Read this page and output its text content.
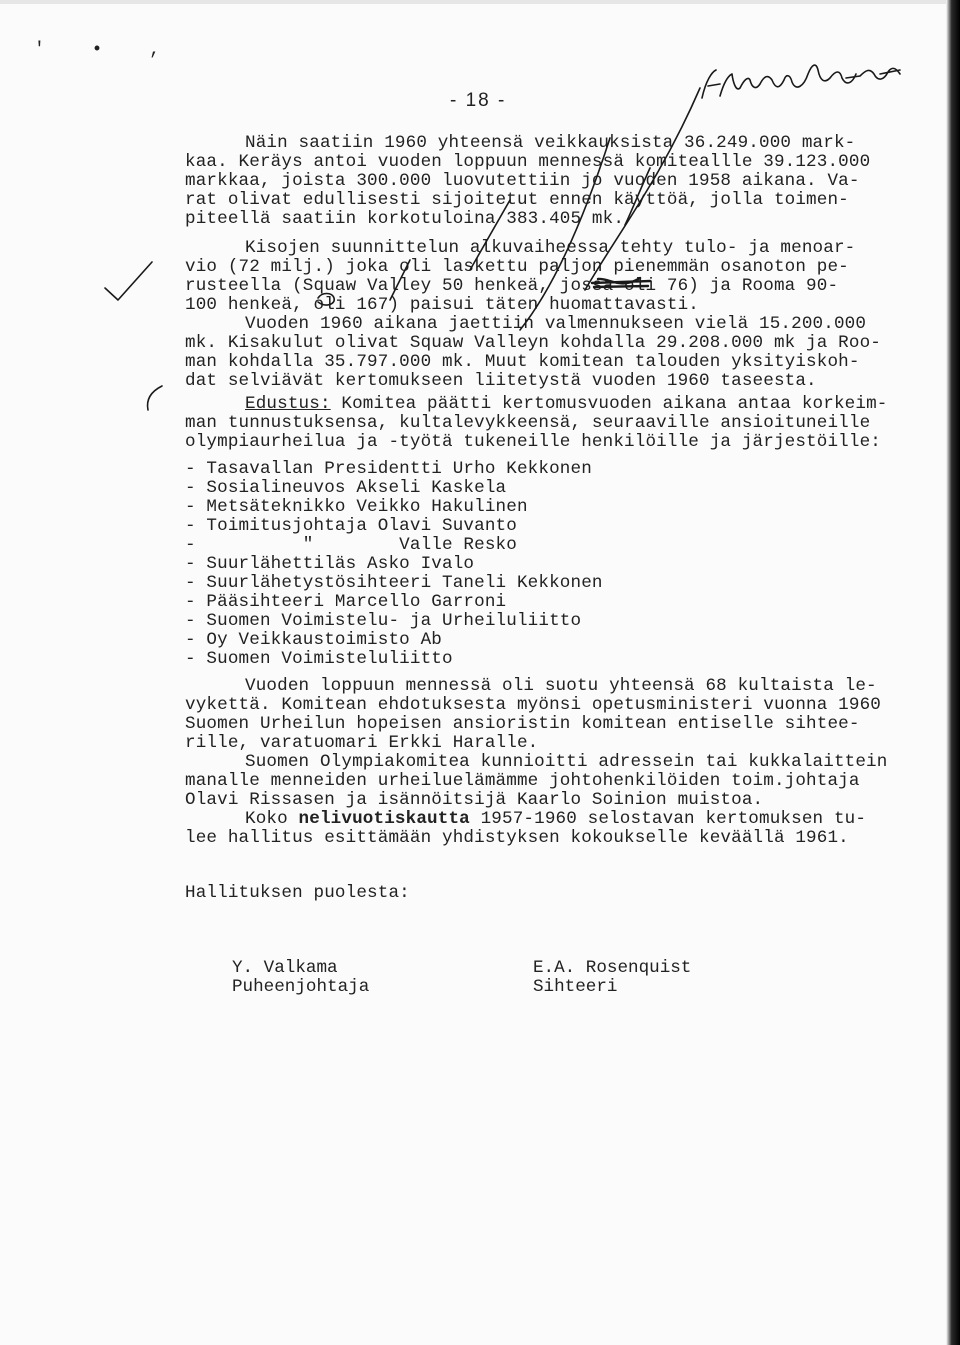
' • ,
- 18 -
Näin saatiin 1960 yhteensä veikkauksista 36.249.000 mark-
kaa. Keräys antoi vuoden loppuun mennessä komiteallle 39.123.000
markkaa, joista 300.000 luovutettiin jo vuoden 1958 aikana. Va-
rat olivat edullisesti sijoitetut ennen käyttöä, jolla toimen-
piteellä saatiin korkotuloina 383.405 mk.
Kisojen suunnittelun alkuvaiheessa tehty tulo- ja menoar-
vio (72 milj.) joka oli laskettu paljon pienemmän osanoton pe-
rusteella (Squaw Valley 50 henkeä, jossa oli 76) ja Rooma 90-
100 henkeä, oli 167) paisui täten huomattavasti.
Vuoden 1960 aikana jaettiin valmennukseen vielä 15.200.000
mk. Kisakulut olivat Squaw Valleyn kohdalla 29.208.000 mk ja Roo-
man kohdalla 35.797.000 mk. Muut komitean talouden yksityiskoh-
dat selviävät kertomukseen liitetystä vuoden 1960 taseesta.
Edustus: Komitea päätti kertomusvuoden aikana antaa korkeim-
man tunnustuksensa, kultalevykkeensä, seuraaville ansioituneille
olympiaurheilua ja -työtä tukeneille henkilöille ja järjestöille:
- Tasavallan Presidentti Urho Kekkonen
- Sosialineuvos Akseli Kaskela
- Metsäteknikko Veikko Hakulinen
- Toimitusjohtaja Olavi Suvanto
-          "        Valle Resko
- Suurlähettiläs Asko Ivalo
- Suurlähetystösihteeri Taneli Kekkonen
- Pääsihteeri Marcello Garroni
- Suomen Voimistelu- ja Urheiluliitto
- Oy Veikkaustoimisto Ab
- Suomen Voimisteluliitto
Vuoden loppuun mennessä oli suotu yhteensä 68 kultaista le-
vykettä. Komitean ehdotuksesta myönsi opetusministeri vuonna 1960
Suomen Urheilun hopeisen ansioristin komitean entiselle sihtee-
rille, varatuomari Erkki Haralle.
Suomen Olympiakomitea kunnioitti adressein tai kukkalaittein
manalle menneiden urheiluelämämme johtohenkilöiden toim.johtaja
Olavi Rissasen ja isännöitsijä Kaarlo Soinion muistoa.
Koko nelivuotiskautta 1957-1960 selostavan kertomuksen tu-
lee hallitus esittämään yhdistyksen kokoukselle keväällä 1961.
Hallituksen puolesta:
Y. Valkama
Puheenjohtaja
E.A. Rosenquist
Sihteeri
